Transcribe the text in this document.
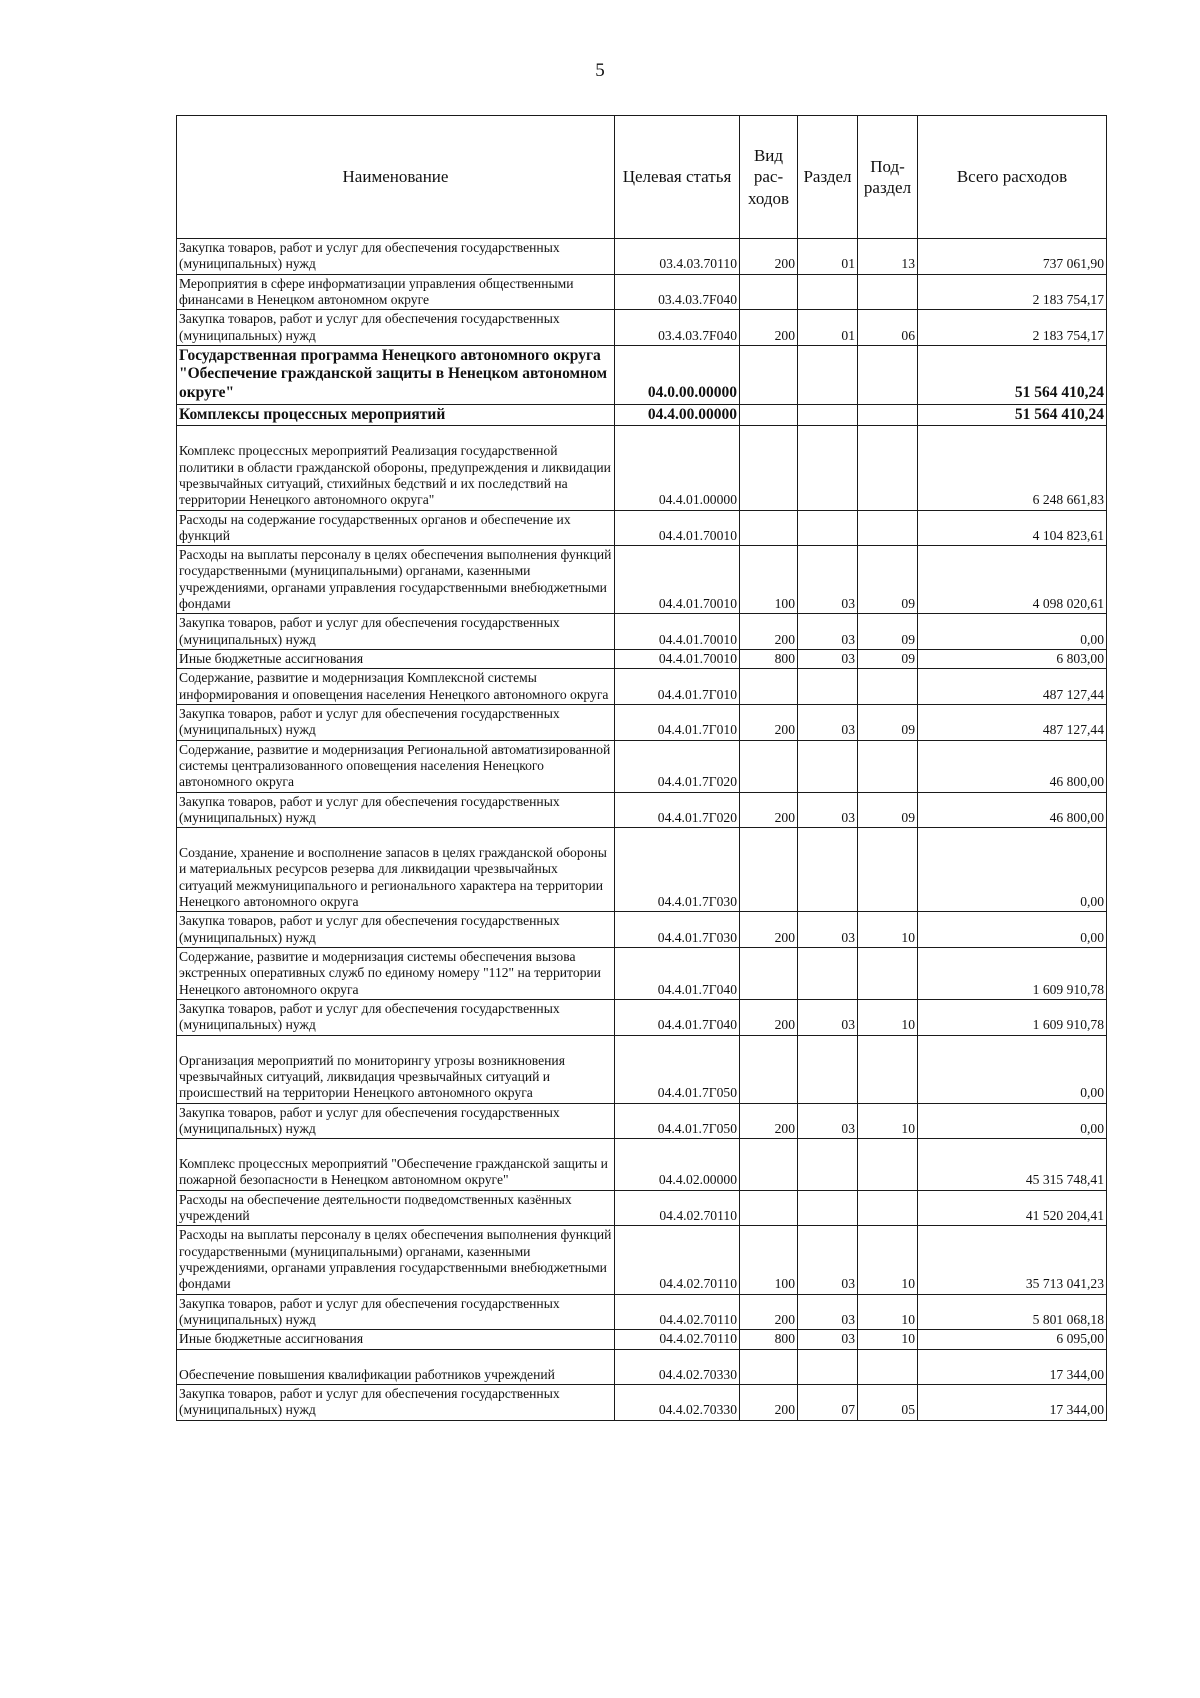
5
Наименование	Целевая статья	Вид рас-ходов	Раздел	Под-раздел	Всего расходов
Закупка товаров, работ и услуг для обеспечения государственных (муниципальных) нужд	03.4.03.70110	200	01	13	737 061,90
Мероприятия в сфере информатизации управления общественными финансами в Ненецком автономном округе	03.4.03.7F040				2 183 754,17
Закупка товаров, работ и услуг для обеспечения государственных (муниципальных) нужд	03.4.03.7F040	200	01	06	2 183 754,17
Государственная программа Ненецкого автономного округа "Обеспечение гражданской защиты в Ненецком автономном округе"	04.0.00.00000				51 564 410,24
Комплексы процессных мероприятий	04.4.00.00000				51 564 410,24

Комплекс процессных мероприятий Реализация государственной политики в области гражданской обороны, предупреждения и ликвидации чрезвычайных ситуаций, стихийных бедствий и их последствий на территории Ненецкого автономного округа"	04.4.01.00000				6 248 661,83
Расходы на содержание государственных органов и обеспечение их функций	04.4.01.70010				4 104 823,61
Расходы на выплаты персоналу в целях обеспечения выполнения функций государственными (муниципальными) органами, казенными учреждениями, органами управления государственными внебюджетными фондами	04.4.01.70010	100	03	09	4 098 020,61
Закупка товаров, работ и услуг для обеспечения государственных (муниципальных) нужд	04.4.01.70010	200	03	09	0,00
Иные бюджетные ассигнования	04.4.01.70010	800	03	09	6 803,00
Содержание, развитие и модернизация Комплексной системы информирования и оповещения населения Ненецкого автономного округа	04.4.01.7Г010				487 127,44
Закупка товаров, работ и услуг для обеспечения государственных (муниципальных) нужд	04.4.01.7Г010	200	03	09	487 127,44
Содержание, развитие и модернизация Региональной автоматизированной системы централизованного оповещения населения Ненецкого автономного округа	04.4.01.7Г020				46 800,00
Закупка товаров, работ и услуг для обеспечения государственных (муниципальных) нужд	04.4.01.7Г020	200	03	09	46 800,00

Создание, хранение и восполнение запасов в целях гражданской обороны и материальных ресурсов резерва для ликвидации чрезвычайных ситуаций межмуниципального и регионального характера на территории Ненецкого автономного округа	04.4.01.7Г030				0,00
Закупка товаров, работ и услуг для обеспечения государственных (муниципальных) нужд	04.4.01.7Г030	200	03	10	0,00
Содержание, развитие и модернизация системы обеспечения вызова экстренных оперативных служб по единому номеру "112" на территории Ненецкого автономного округа	04.4.01.7Г040				1 609 910,78
Закупка товаров, работ и услуг для обеспечения государственных (муниципальных) нужд	04.4.01.7Г040	200	03	10	1 609 910,78

Организация мероприятий по мониторингу угрозы возникновения чрезвычайных ситуаций, ликвидация чрезвычайных ситуаций и происшествий на территории Ненецкого автономного округа	04.4.01.7Г050				0,00
Закупка товаров, работ и услуг для обеспечения государственных (муниципальных) нужд	04.4.01.7Г050	200	03	10	0,00

Комплекс процессных мероприятий "Обеспечение гражданской защиты и пожарной безопасности в Ненецком автономном округе"	04.4.02.00000				45 315 748,41
Расходы на обеспечение деятельности подведомственных казённых учреждений	04.4.02.70110				41 520 204,41
Расходы на выплаты персоналу в целях обеспечения выполнения функций государственными (муниципальными) органами, казенными учреждениями, органами управления государственными внебюджетными фондами	04.4.02.70110	100	03	10	35 713 041,23
Закупка товаров, работ и услуг для обеспечения государственных (муниципальных) нужд	04.4.02.70110	200	03	10	5 801 068,18
Иные бюджетные ассигнования	04.4.02.70110	800	03	10	6 095,00

Обеспечение повышения квалификации работников учреждений	04.4.02.70330				17 344,00
Закупка товаров, работ и услуг для обеспечения государственных (муниципальных) нужд	04.4.02.70330	200	07	05	17 344,00
